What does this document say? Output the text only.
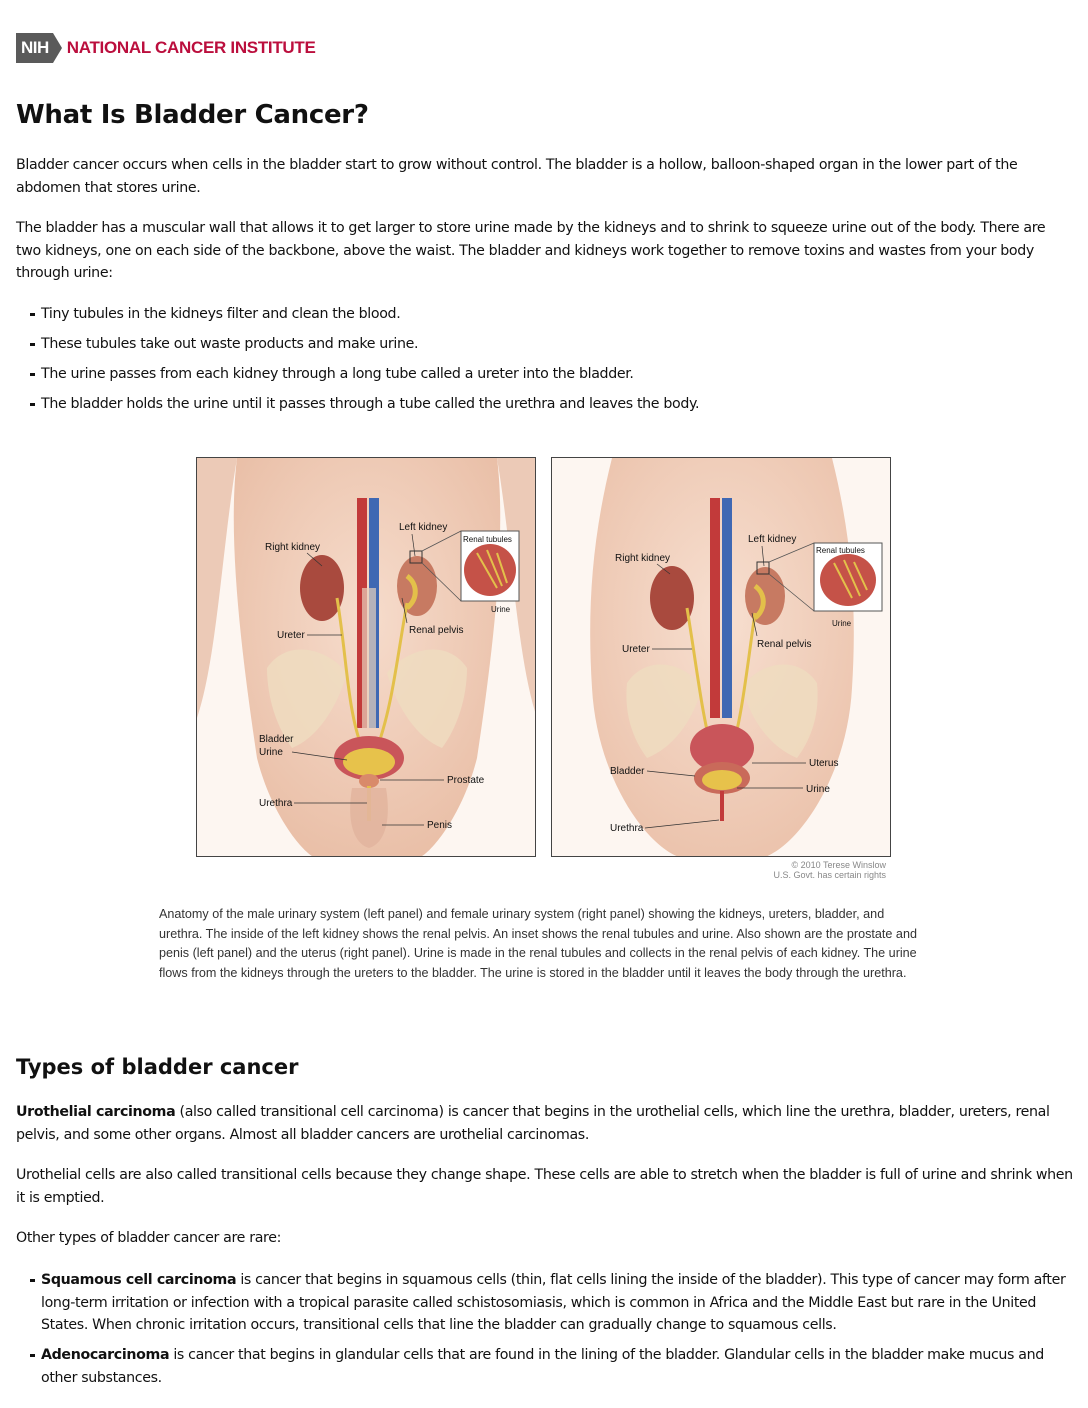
NIH NATIONAL CANCER INSTITUTE
What Is Bladder Cancer?

Bladder cancer occurs when cells in the bladder start to grow without control. The bladder is a hollow, balloon-shaped organ in the lower part of the abdomen that stores urine.

The bladder has a muscular wall that allows it to get larger to store urine made by the kidneys and to shrink to squeeze urine out of the body. There are two kidneys, one on each side of the backbone, above the waist. The bladder and kidneys work together to remove toxins and wastes from your body through urine:

Tiny tubules in the kidneys filter and clean the blood.
These tubules take out waste products and make urine.
The urine passes from each kidney through a long tube called a ureter into the bladder.
The bladder holds the urine until it passes through a tube called the urethra and leaves the body.
Right kidney
Left kidney
Renal tubules
Urine
Ureter	Renal pelvis
Bladder
Urine
Prostate
Urethra
Penis
Right kidney
Left kidney
Renal tubules
Urine
Ureter	Renal pelvis
Uterus
Bladder
Urine
Urethra
© 2010 Terese Winslow
U.S. Govt. has certain rights

Anatomy of the male urinary system (left panel) and female urinary system (right panel) showing the kidneys, ureters, bladder, and urethra. The inside of the left kidney shows the renal pelvis. An inset shows the renal tubules and urine. Also shown are the prostate and penis (left panel) and the uterus (right panel). Urine is made in the renal tubules and collects in the renal pelvis of each kidney. The urine flows from the kidneys through the ureters to the bladder. The urine is stored in the bladder until it leaves the body through the urethra.

Types of bladder cancer

Urothelial carcinoma (also called transitional cell carcinoma) is cancer that begins in the urothelial cells, which line the urethra, bladder, ureters, renal pelvis, and some other organs. Almost all bladder cancers are urothelial carcinomas.

Urothelial cells are also called transitional cells because they change shape. These cells are able to stretch when the bladder is full of urine and shrink when it is emptied.

Other types of bladder cancer are rare:

Squamous cell carcinoma is cancer that begins in squamous cells (thin, flat cells lining the inside of the bladder). This type of cancer may form after long-term irritation or infection with a tropical parasite called schistosomiasis, which is common in Africa and the Middle East but rare in the United States. When chronic irritation occurs, transitional cells that line the bladder can gradually change to squamous cells.
Adenocarcinoma is cancer that begins in glandular cells that are found in the lining of the bladder. Glandular cells in the bladder make mucus and other substances.
